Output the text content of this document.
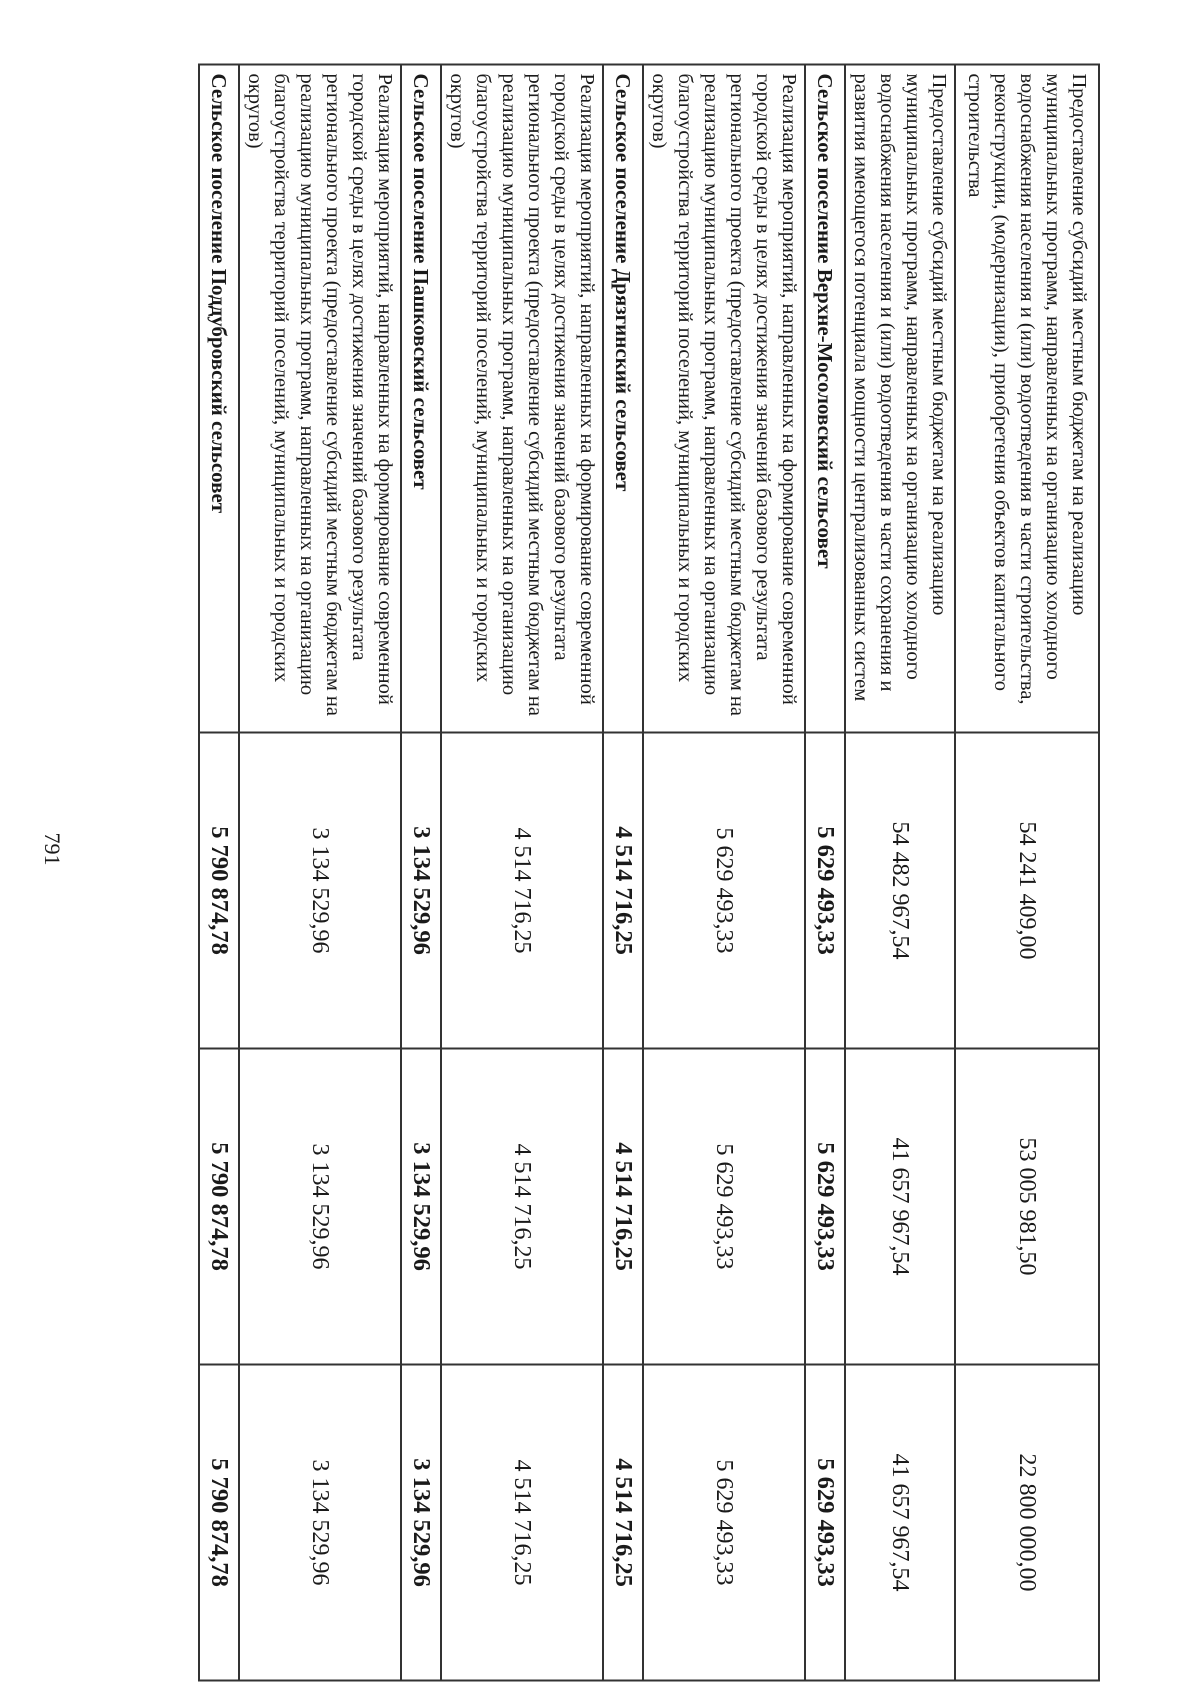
791
Предоставление субсидий местным бюджетам на реализацию муниципальных программ, направленных на организацию холодного водоснабжения населения и (или) водоотведения в части строительства, реконструкции, (модернизации), приобретения объектов капитального строительства	54 241 409,00	53 005 981,50	22 800 000,00
Предоставление субсидий местным бюджетам на реализацию муниципальных программ, направленных на организацию холодного водоснабжения населения и (или) водоотведения в части сохранения и развития имеющегося потенциала мощности централизованных систем	54 482 967,54	41 657 967,54	41 657 967,54
Сельское поселение Верхне-Мосоловский сельсовет	5 629 493,33	5 629 493,33	5 629 493,33
Реализация мероприятий, направленных на формирование современной городской среды в целях достижения значений базового результата регионального проекта (предоставление субсидий местным бюджетам на реализацию муниципальных программ, направленных на организацию благоустройства территорий поселений, муниципальных и городских округов)	5 629 493,33	5 629 493,33	5 629 493,33
Сельское поселение Дрязгинский сельсовет	4 514 716,25	4 514 716,25	4 514 716,25
Реализация мероприятий, направленных на формирование современной городской среды в целях достижения значений базового результата регионального проекта (предоставление субсидий местным бюджетам на реализацию муниципальных программ, направленных на организацию благоустройства территорий поселений, муниципальных и городских округов)	4 514 716,25	4 514 716,25	4 514 716,25
Сельское поселение Пашковский сельсовет	3 134 529,96	3 134 529,96	3 134 529,96
Реализация мероприятий, направленных на формирование современной городской среды в целях достижения значений базового результата регионального проекта (предоставление субсидий местным бюджетам на реализацию муниципальных программ, направленных на организацию благоустройства территорий поселений, муниципальных и городских округов)	3 134 529,96	3 134 529,96	3 134 529,96
Сельское поселение Поддубровский сельсовет	5 790 874,78	5 790 874,78	5 790 874,78
